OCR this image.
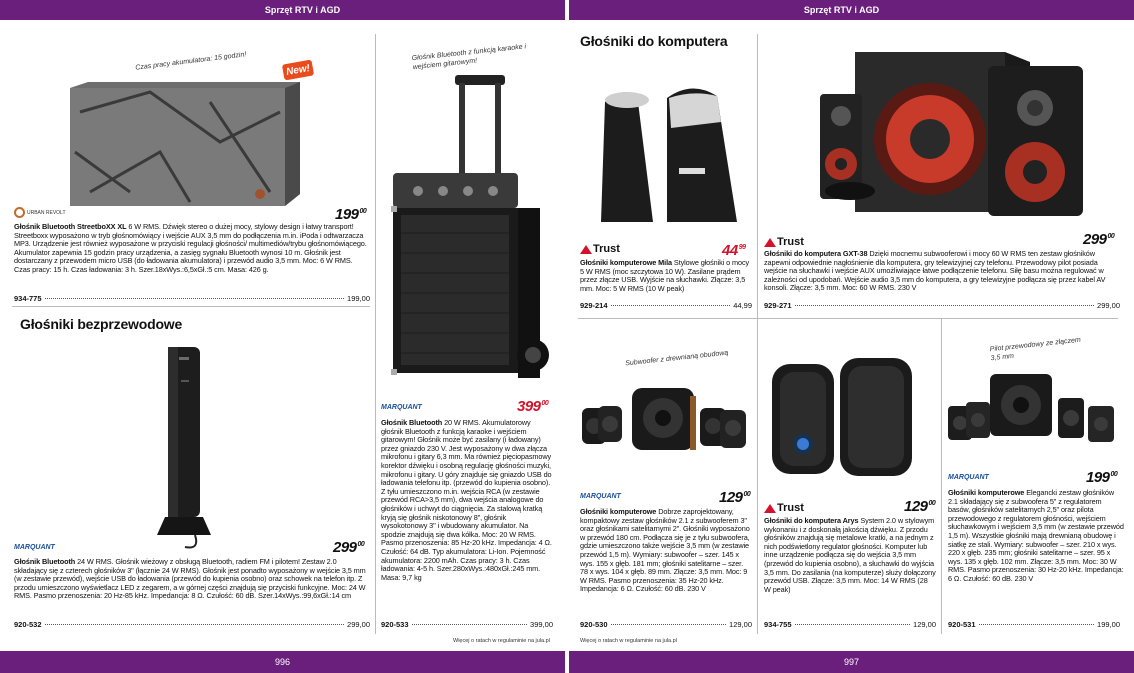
Sprzęt RTV i AGD	Sprzęt RTV i AGD
996	997
Czas pracy akumulatora: 15 godzin!	New!
URBAN REVOLT	$199^{00}$
Głośnik Bluetooth StreetboXX XL 6 W RMS. Dźwięk stereo o dużej mocy, stylowy design i łatwy transport! Streetboxx wyposażono w tryb głośnomówiący i wejście AUX 3,5 mm do podłączenia m.in. iPoda i odtwarzacza MP3. Urządzenie jest również wyposażone w przyciski regulacji głośności/ multimediów/trybu głośnomówiącego. Akumulator zapewnia 15 godzin pracy urządzenia, a zasięg sygnału Bluetooth wynosi 10 m. Głośnik jest dostarczany z przewodem micro USB (do ładowania akumulatora) i przewód audio 3,5 mm. Moc: 6 W RMS. Czas pracy: 15 h. Czas ładowania: 3 h. Szer.18xWys.:6,5xGł.:5 cm. Masa: 426 g.
934-775	199,00
Głośniki bezprzewodowe
MARQUANT	$299^{00}$
Głośnik Bluetooth 24 W RMS. Głośnik wieżowy z obsługą Bluetooth, radiem FM i pilotem! Zestaw 2.0 składający się z czterech głośników 3" (łącznie 24 W RMS). Głośnik jest ponadto wyposażony w wejście 3,5 mm (w zestawie przewód), wejście USB do ładowania (przewód do kupienia osobno) oraz schowek na telefon itp. Z przodu umieszczono wyświetlacz LED z zegarem, a w górnej części znajdują się przyciski funkcyjne. Moc: 24 W RMS. Pasmo przenoszenia: 20 Hz-85 kHz. Impedancja: 8 Ω. Czułość: 60 dB. Szer.14xWys.:99,6xGł.:14 cm
920-532	299,00
Głośnik Bluetooth z funkcją karaoke i wejściem gitarowym!
MARQUANT	$399^{00}$
Głośnik Bluetooth 20 W RMS. Akumulatorowy głośnik Bluetooth z funkcją karaoke i wejściem gitarowym! Głośnik może być zasilany (i ładowany) przez gniazdo 230 V. Jest wyposażony w dwa złącza mikrofonu i gitary 6,3 mm. Ma również pięciopasmowy korektor dźwięku i osobną regulację głośności muzyki, mikrofonu i gitary. U góry znajduje się gniazdo USB do ładowania telefonu itp. (przewód do kupienia osobno). Z tyłu umieszczono m.in. wejścia RCA (w zestawie przewód RCA>3,5 mm), dwa wejścia analogowe do głośników i uchwyt do ciągnięcia. Za stalową kratką kryją się głośnik niskotonowy 8", głośnik wysokotonowy 3" i wbudowany akumulator. Na spodzie znajdują się dwa kółka. Moc: 20 W RMS. Pasmo przenoszenia: 85 Hz-20 kHz. Impedancja: 4 Ω. Czułość: 64 dB. Typ akumulatora: Li-Ion. Pojemność akumulatora: 2200 mAh. Czas pracy: 3 h. Czas ładowania: 4-5 h. Szer.280xWys.:480xGł.:245 mm. Masa: 9,7 kg
920-533	399,00
Więcej o ratach w regulaminie na jula.pl
Głośniki do komputera
Trust	$44^{99}$
Głośniki komputerowe Mila Stylowe głośniki o mocy 5 W RMS (moc szczytowa 10 W). Zasilane prądem przez złącze USB. Wyjście na słuchawki. Złącze: 3,5 mm. Moc: 5 W RMS (10 W peak)
929-214	44,99
Trust	$299^{00}$
Głośniki do komputera GXT-38 Dzięki mocnemu subwooferowi i mocy 60 W RMS ten zestaw głośników zapewni odpowiednie nagłośnienie dla komputera, gry telewizyjnej czy telefonu. Przewodowy pilot posiada wejście na słuchawki i wejście AUX umożliwiające łatwe podłączenie telefonu. Siłę basu można regulować w zależności od upodobań. Wejście audio 3,5 mm do komputera, a gry telewizyjne podłącza się przez kabel AV konsoli. Złącze: 3,5 mm. Moc: 60 W RMS. 230 V
929-271	299,00
Subwoofer z drewnianą obudową
MARQUANT	$129^{00}$
Głośniki komputerowe Dobrze zaprojektowany, kompaktowy zestaw głośników 2.1 z subwooferem 3" oraz głośnikami satelitarnymi 2". Głośniki wyposażono w przewód 180 cm. Podłącza się je z tyłu subwoofera, gdzie umieszczono także wejście 3,5 mm (w zestawie przewód 1,5 m). Wymiary: subwoofer – szer. 145 x wys. 155 x głęb. 181 mm; głośniki satelitarne – szer. 78 x wys. 104 x głęb. 89 mm. Złącze: 3,5 mm. Moc: 9 W RMS. Pasmo przenoszenia: 35 Hz-20 kHz. Impedancja: 6 Ω. Czułość: 60 dB. 230 V
920-530	129,00
Więcej o ratach w regulaminie na jula.pl
Trust	$129^{00}$
Głośniki do komputera Arys System 2.0 w stylowym wykonaniu i z doskonałą jakością dźwięku. Z przodu głośników znajdują się metalowe kratki, a na jednym z nich podświetlony regulator głośności. Komputer lub inne urządzenie podłącza się do wejścia 3,5 mm (przewód do kupienia osobno), a słuchawki do wyjścia 3,5 mm. Do zasilania (na komputerze) służy dołączony przewód USB. Złącze: 3,5 mm. Moc: 14 W RMS (28 W peak)
934-755	129,00
Pilot przewodowy ze złączem 3,5 mm
MARQUANT	$199^{00}$
Głośniki komputerowe Elegancki zestaw głośników 2.1 składający się z subwoofera 5" z regulatorem basów, głośników satelitarnych 2,5" oraz pilota przewodowego z regulatorem głośności, wejściem słuchawkowym i wejściem 3,5 mm (w zestawie przewód 1,5 m). Wszystkie głośniki mają drewnianą obudowę i siatkę ze stali. Wymiary: subwoofer – szer. 210 x wys. 220 x głęb. 235 mm; głośniki satelitarne – szer. 95 x wys. 135 x głęb. 102 mm. Złącze: 3,5 mm. Moc: 30 W RMS. Pasmo przenoszenia: 30 Hz-20 kHz. Impedancja: 6 Ω. Czułość: 60 dB. 230 V
920-531	199,00
